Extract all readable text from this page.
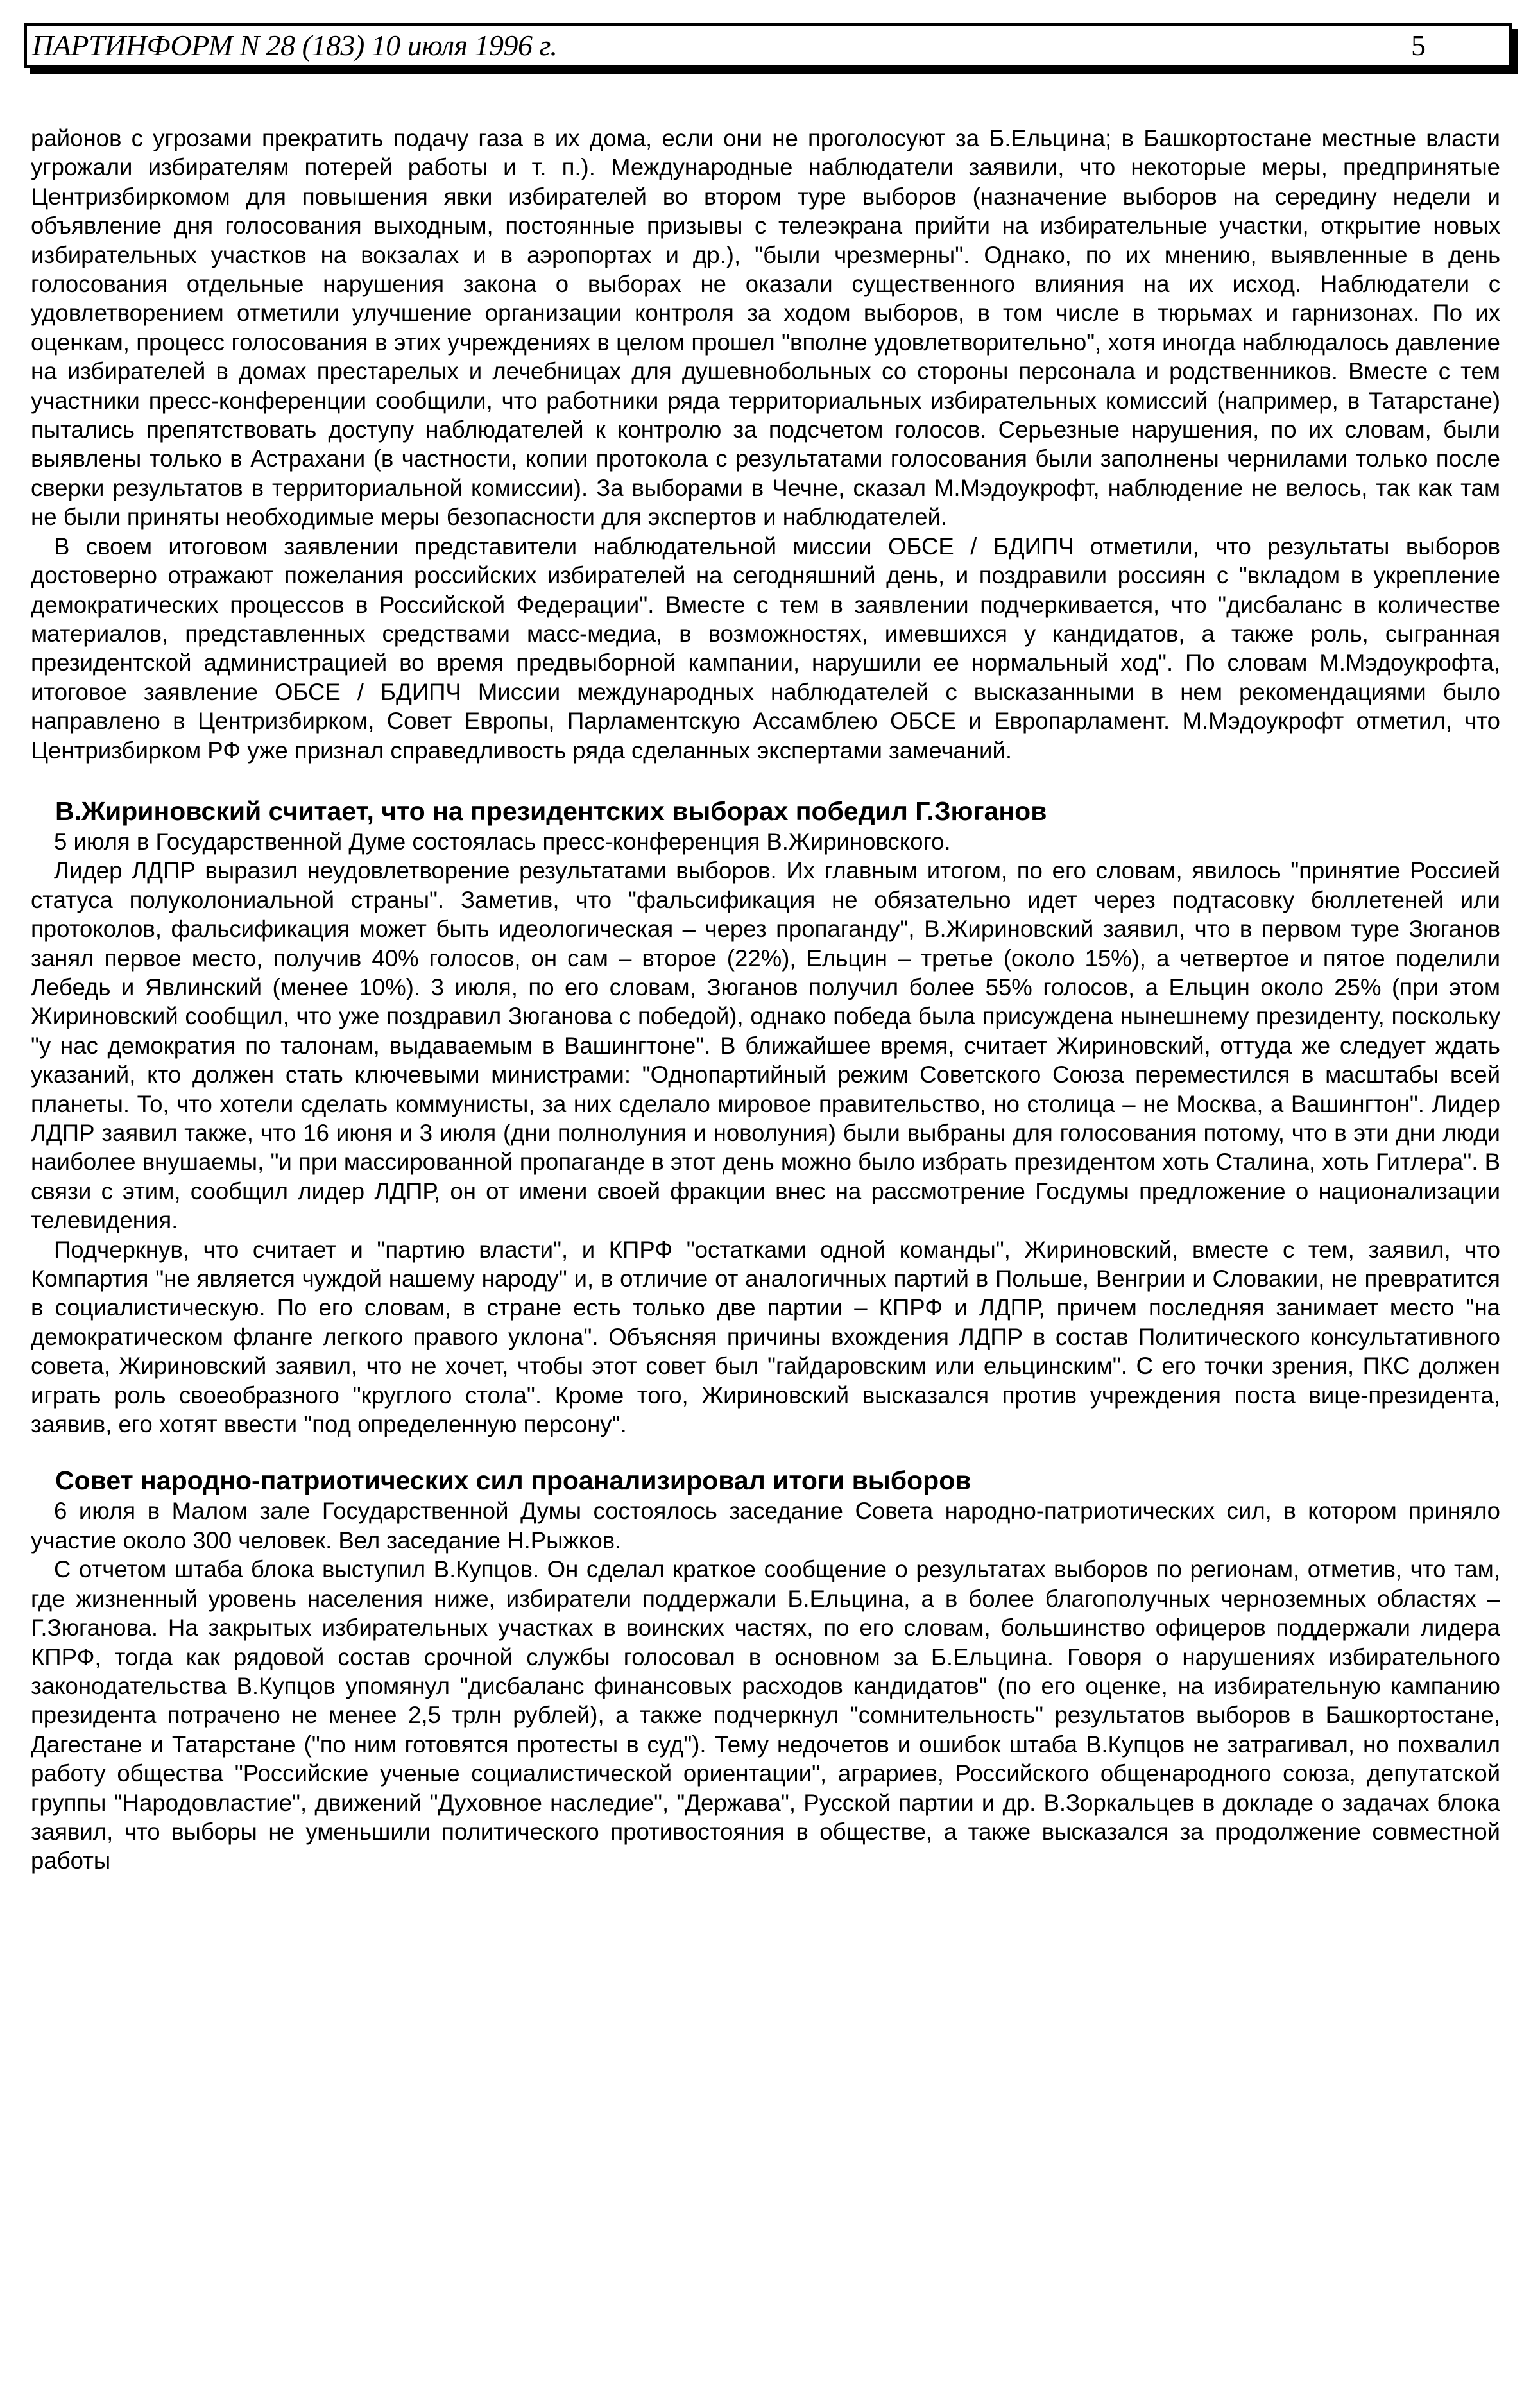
ПАРТИНФОРМ N 28 (183) 10 июля 1996 г.	5

районов с угрозами прекратить подачу газа в их дома, если они не проголосуют за Б.Ельцина; в Башкортостане местные власти угрожали избирателям потерей работы и т. п.). Международные наблюдатели заявили, что некоторые меры, предпринятые Центризбиркомом для повышения явки избирателей во втором туре выборов (назначение выборов на середину недели и объявление дня голосования выходным, постоянные призывы с телеэкрана прийти на избирательные участки, открытие новых избирательных участков на вокзалах и в аэропортах и др.), "были чрезмерны". Однако, по их мнению, выявленные в день голосования отдельные нарушения закона о выборах не оказали существенного влияния на их исход. Наблюдатели с удовлетворением отметили улучшение организации контроля за ходом выборов, в том числе в тюрьмах и гарнизонах. По их оценкам, процесс голосования в этих учреждениях в целом прошел "вполне удовлетворительно", хотя иногда наблюдалось давление на избирателей в домах престарелых и лечебницах для душевнобольных со стороны персонала и родственников. Вместе с тем участники пресс-конференции сообщили, что работники ряда территориальных избирательных комиссий (например, в Татарстане) пытались препятствовать доступу наблюдателей к контролю за подсчетом голосов. Серьезные нарушения, по их словам, были выявлены только в Астрахани (в частности, копии протокола с результатами голосования были заполнены чернилами только после сверки результатов в территориальной комиссии). За выборами в Чечне, сказал М.Мэдоукрофт, наблюдение не велось, так как там не были приняты необходимые меры безопасности для экспертов и наблюдателей.

В своем итоговом заявлении представители наблюдательной миссии ОБСЕ / БДИПЧ отметили, что результаты выборов достоверно отражают пожелания российских избирателей на сегодняшний день, и поздравили россиян с "вкладом в укрепление демократических процессов в Российской Федерации". Вместе с тем в заявлении подчеркивается, что "дисбаланс в количестве материалов, представленных средствами масс-медиа, в возможностях, имевшихся у кандидатов, а также роль, сыгранная президентской администрацией во время предвыборной кампании, нарушили ее нормальный ход". По словам М.Мэдоукрофта, итоговое заявление ОБСЕ / БДИПЧ Миссии международных наблюдателей с высказанными в нем рекомендациями было направлено в Центризбирком, Совет Европы, Парламентскую Ассамблею ОБСЕ и Европарламент. М.Мэдоукрофт отметил, что Центризбирком РФ уже признал справедливость ряда сделанных экспертами замечаний.

В.Жириновский считает, что на президентских выборах победил Г.Зюганов

5 июля в Государственной Думе состоялась пресс-конференция В.Жириновского.

Лидер ЛДПР выразил неудовлетворение результатами выборов. Их главным итогом, по его словам, явилось "принятие Россией статуса полуколониальной страны". Заметив, что "фальсификация не обязательно идет через подтасовку бюллетеней или протоколов, фальсификация может быть идеологическая – через пропаганду", В.Жириновский заявил, что в первом туре Зюганов занял первое место, получив 40% голосов, он сам – второе (22%), Ельцин – третье (около 15%), а четвертое и пятое поделили Лебедь и Явлинский (менее 10%). 3 июля, по его словам, Зюганов получил более 55% голосов, а Ельцин около 25% (при этом Жириновский сообщил, что уже поздравил Зюганова с победой), однако победа была присуждена нынешнему президенту, поскольку "у нас демократия по талонам, выдаваемым в Вашингтоне". В ближайшее время, считает Жириновский, оттуда же следует ждать указаний, кто должен стать ключевыми министрами: "Однопартийный режим Советского Союза переместился в масштабы всей планеты. То, что хотели сделать коммунисты, за них сделало мировое правительство, но столица – не Москва, а Вашингтон". Лидер ЛДПР заявил также, что 16 июня и 3 июля (дни полнолуния и новолуния) были выбраны для голосования потому, что в эти дни люди наиболее внушаемы, "и при массированной пропаганде в этот день можно было избрать президентом хоть Сталина, хоть Гитлера". В связи с этим, сообщил лидер ЛДПР, он от имени своей фракции внес на рассмотрение Госдумы предложение о национализации телевидения.

Подчеркнув, что считает и "партию власти", и КПРФ "остатками одной команды", Жириновский, вместе с тем, заявил, что Компартия "не является чуждой нашему народу" и, в отличие от аналогичных партий в Польше, Венгрии и Словакии, не превратится в социалистическую. По его словам, в стране есть только две партии – КПРФ и ЛДПР, причем последняя занимает место "на демократическом фланге легкого правого уклона". Объясняя причины вхождения ЛДПР в состав Политического консультативного совета, Жириновский заявил, что не хочет, чтобы этот совет был "гайдаровским или ельцинским". С его точки зрения, ПКС должен играть роль своеобразного "круглого стола". Кроме того, Жириновский высказался против учреждения поста вице-президента, заявив, его хотят ввести "под определенную персону".

Совет народно-патриотических сил проанализировал итоги выборов

6 июля в Малом зале Государственной Думы состоялось заседание Совета народно-патриотических сил, в котором приняло участие около 300 человек. Вел заседание Н.Рыжков.

С отчетом штаба блока выступил В.Купцов. Он сделал краткое сообщение о результатах выборов по регионам, отметив, что там, где жизненный уровень населения ниже, избиратели поддержали Б.Ельцина, а в более благополучных черноземных областях – Г.Зюганова. На закрытых избирательных участках в воинских частях, по его словам, большинство офицеров поддержали лидера КПРФ, тогда как рядовой состав срочной службы голосовал в основном за Б.Ельцина. Говоря о нарушениях избирательного законодательства В.Купцов упомянул "дисбаланс финансовых расходов кандидатов" (по его оценке, на избирательную кампанию президента потрачено не менее 2,5 трлн рублей), а также подчеркнул "сомнительность" результатов выборов в Башкортостане, Дагестане и Татарстане ("по ним готовятся протесты в суд"). Тему недочетов и ошибок штаба В.Купцов не затрагивал, но похвалил работу общества "Российские ученые социалистической ориентации", аграриев, Российского общенародного союза, депутатской группы "Народовластие", движений "Духовное наследие", "Держава", Русской партии и др. В.Зоркальцев в докладе о задачах блока заявил, что выборы не уменьшили политического противостояния в обществе, а также высказался за продолжение совместной работы
